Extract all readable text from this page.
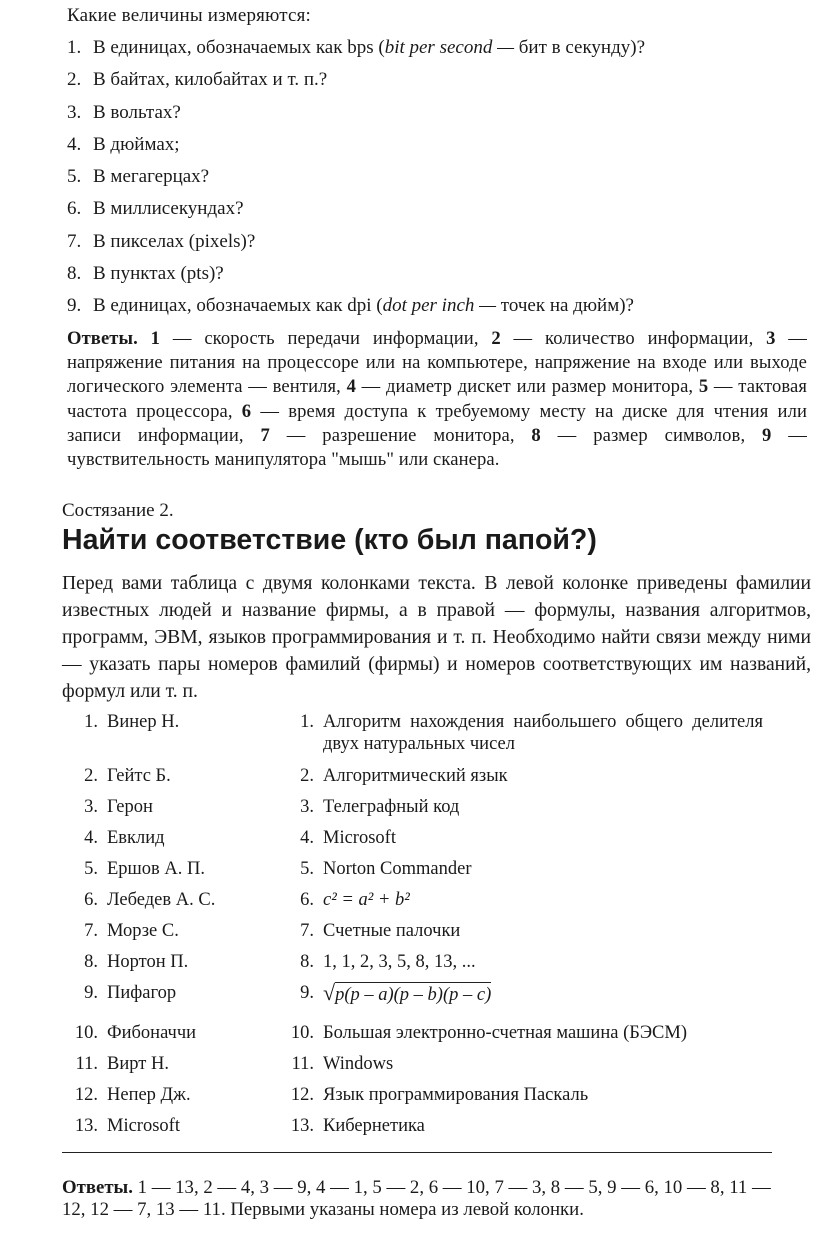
Какие величины измеряются:
1. В единицах, обозначаемых как bps (bit per second — бит в секунду)?
2. В байтах, килобайтах и т. п.?
3. В вольтах?
4. В дюймах;
5. В мегагерцах?
6. В миллисекундах?
7. В пикселах (pixels)?
8. В пунктах (pts)?
9. В единицах, обозначаемых как dpi (dot per inch — точек на дюйм)?
Ответы. 1 — скорость передачи информации, 2 — количество информации, 3 — напряжение питания на процессоре или на компьютере, напряжение на входе или выходе логического элемента — вентиля, 4 — диаметр дискет или размер монитора, 5 — тактовая частота процессора, 6 — время доступа к требуемому месту на диске для чтения или записи информации, 7 — разрешение монитора, 8 — размер символов, 9 — чувствительность манипулятора "мышь" или сканера.
Состязание 2.
Найти соответствие (кто был папой?)
Перед вами таблица с двумя колонками текста. В левой колонке приведены фамилии известных людей и название фирмы, а в правой — формулы, названия алгоритмов, программ, ЭВМ, языков программирования и т. п. Необходимо найти связи между ними — указать пары номеров фамилий (фирмы) и номеров соответствующих им названий, формул или т. п.
1. Винер Н.	1. Алгоритм нахождения наибольшего общего делителя двух натуральных чисел
2. Гейтс Б.	2. Алгоритмический язык
3. Герон	3. Телеграфный код
4. Евклид	4. Microsoft
5. Ершов А. П.	5. Norton Commander
6. Лебедев А. С.	6. c² = a² + b²
7. Морзе С.	7. Счетные палочки
8. Нортон П.	8. 1, 1, 2, 3, 5, 8, 13, ...
9. Пифагор	9. √ p(p – a)(p – b)(p – c)
10. Фибоначчи	10. Большая электронно-счетная машина (БЭСМ)
11. Вирт Н.	11. Windows
12. Непер Дж.	12. Язык программирования Паскаль
13. Microsoft	13. Кибернетика
Ответы. 1 — 13, 2 — 4, 3 — 9, 4 — 1, 5 — 2, 6 — 10, 7 — 3, 8 — 5, 9 — 6, 10 — 8, 11 — 12, 12 — 7, 13 — 11. Первыми указаны номера из левой колонки.
